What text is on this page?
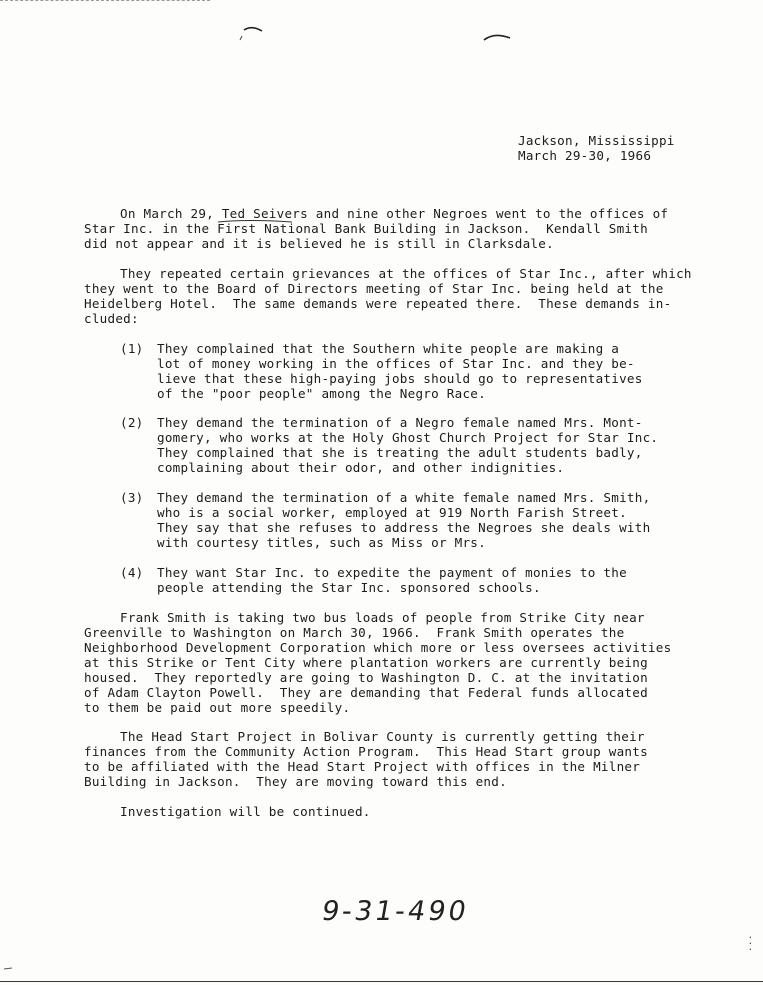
Jackson, Mississippi
March 29-30, 1966
On March 29, Ted Seivers and nine other Negroes went to the offices of
Star Inc. in the First National Bank Building in Jackson.  Kendall Smith
did not appear and it is believed he is still in Clarksdale.
They repeated certain grievances at the offices of Star Inc., after which
they went to the Board of Directors meeting of Star Inc. being held at the
Heidelberg Hotel.  The same demands were repeated there.  These demands in-
cluded:
(1) They complained that the Southern white people are making a
lot of money working in the offices of Star Inc. and they be-
lieve that these high-paying jobs should go to representatives
of the "poor people" among the Negro Race.
(2) They demand the termination of a Negro female named Mrs. Mont-
gomery, who works at the Holy Ghost Church Project for Star Inc.
They complained that she is treating the adult students badly,
complaining about their odor, and other indignities.
(3) They demand the termination of a white female named Mrs. Smith,
who is a social worker, employed at 919 North Farish Street.
They say that she refuses to address the Negroes she deals with
with courtesy titles, such as Miss or Mrs.
(4) They want Star Inc. to expedite the payment of monies to the
people attending the Star Inc. sponsored schools.
Frank Smith is taking two bus loads of people from Strike City near
Greenville to Washington on March 30, 1966.  Frank Smith operates the
Neighborhood Development Corporation which more or less oversees activities
at this Strike or Tent City where plantation workers are currently being
housed.  They reportedly are going to Washington D. C. at the invitation
of Adam Clayton Powell.  They are demanding that Federal funds allocated
to them be paid out more speedily.
The Head Start Project in Bolivar County is currently getting their
finances from the Community Action Program.  This Head Start group wants
to be affiliated with the Head Start Project with offices in the Milner
Building in Jackson.  They are moving toward this end.
Investigation will be continued.
9-31-490
.
.
.
